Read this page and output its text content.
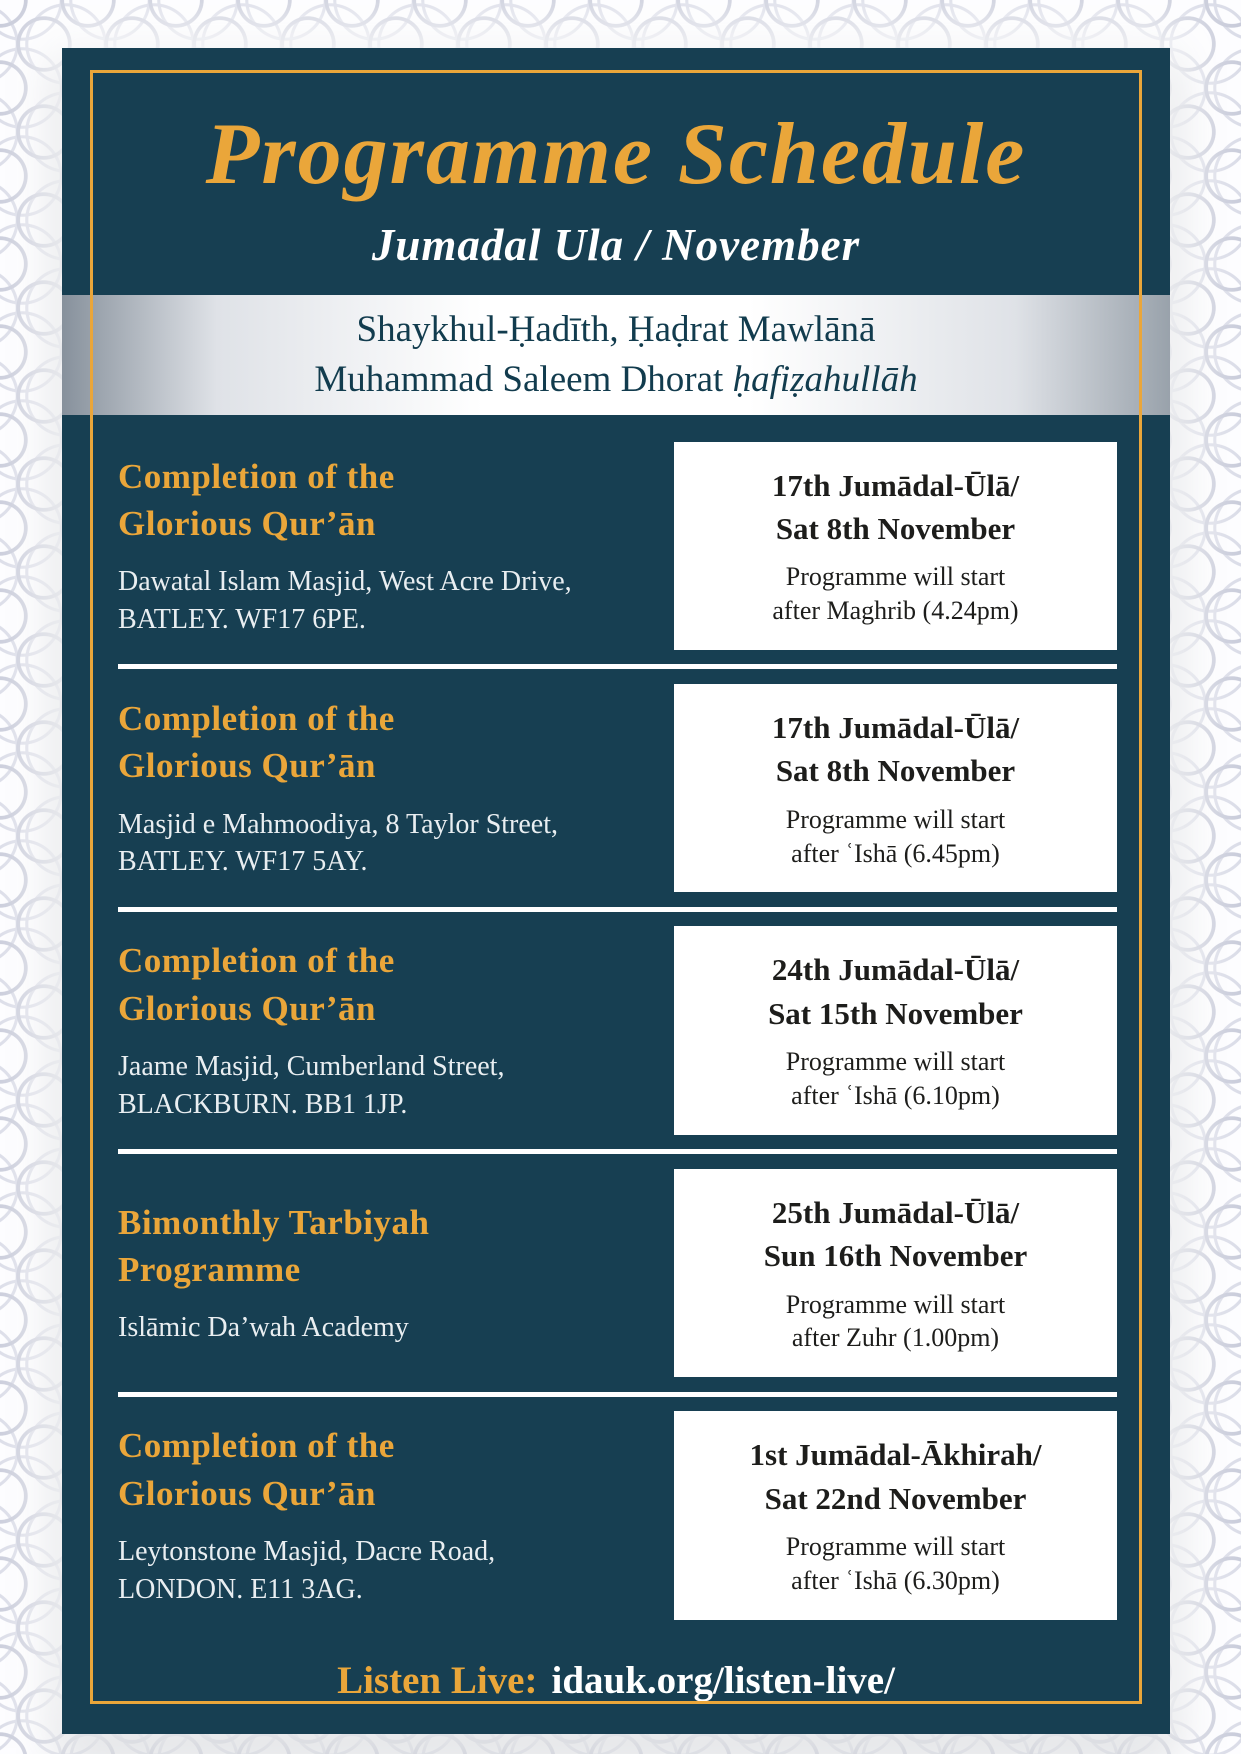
Programme Schedule
Jumadal Ula / November
Shaykhul-Ḥadīth, Ḥaḍrat Mawlānā
Muhammad Saleem Dhorat ḥafiẓahullāh
Completion of the
Glorious Qur’ān
Dawatal Islam Masjid, West Acre Drive,
BATLEY. WF17 6PE.
17th Jumādal-Ūlā/
Sat 8th November
Programme will start
after Maghrib (4.24pm)
Completion of the
Glorious Qur’ān
Masjid e Mahmoodiya, 8 Taylor Street,
BATLEY. WF17 5AY.
17th Jumādal-Ūlā/
Sat 8th November
Programme will start
after ʿIshā (6.45pm)
Completion of the
Glorious Qur’ān
Jaame Masjid, Cumberland Street,
BLACKBURN. BB1 1JP.
24th Jumādal-Ūlā/
Sat 15th November
Programme will start
after ʿIshā (6.10pm)
Bimonthly Tarbiyah
Programme
Islāmic Da’wah Academy
25th Jumādal-Ūlā/
Sun 16th November
Programme will start
after Zuhr (1.00pm)
Completion of the
Glorious Qur’ān
Leytonstone Masjid, Dacre Road,
LONDON. E11 3AG.
1st Jumādal-Ākhirah/
Sat 22nd November
Programme will start
after ʿIshā (6.30pm)
Listen Live: idauk.org/listen-live/
